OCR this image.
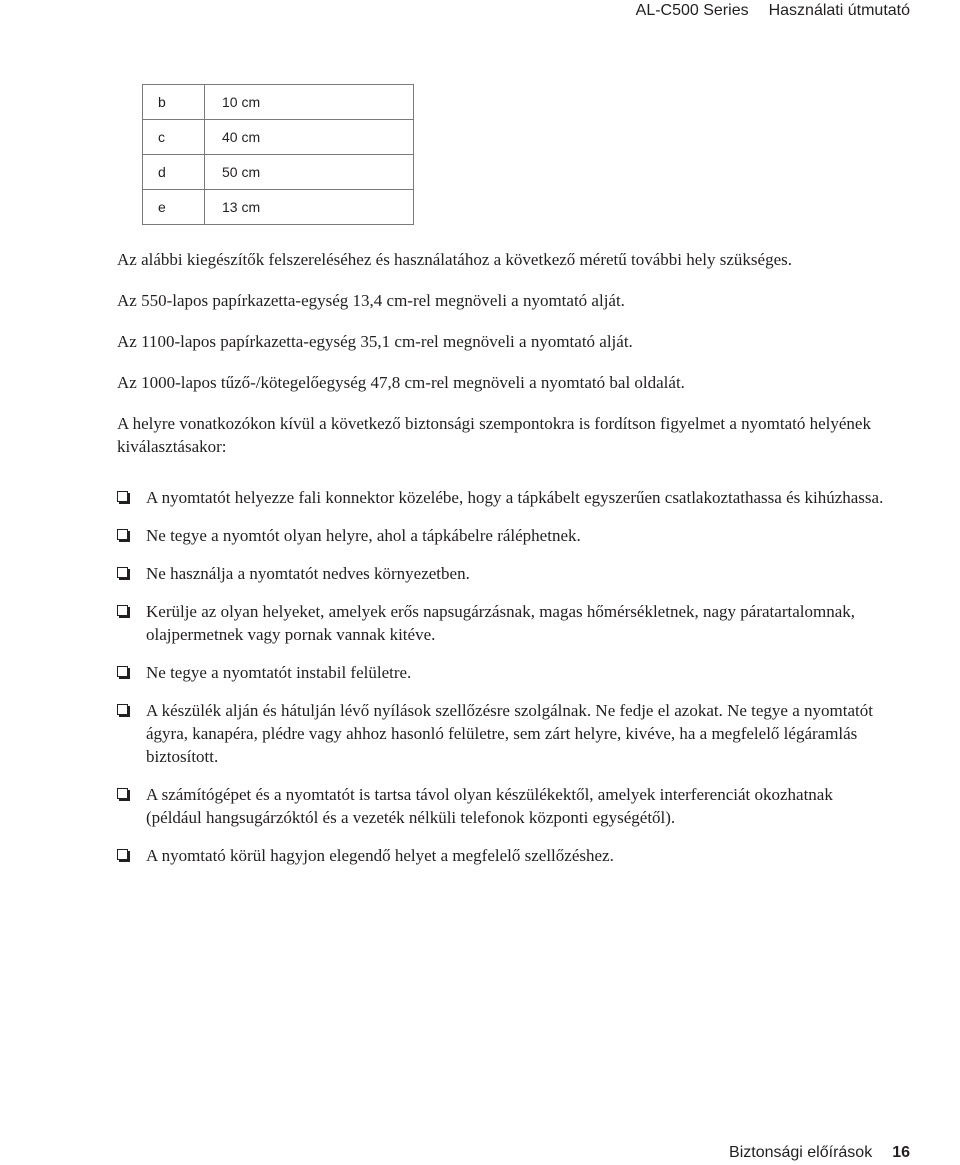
AL-C500 Series Használati útmutató
b	10 cm
c	40 cm
d	50 cm
e	13 cm

Az alábbi kiegészítők felszereléséhez és használatához a következő méretű további hely szükséges.

Az 550-lapos papírkazetta-egység 13,4 cm-rel megnöveli a nyomtató alját.

Az 1100-lapos papírkazetta-egység 35,1 cm-rel megnöveli a nyomtató alját.

Az 1000-lapos tűző-/kötegelőegység 47,8 cm-rel megnöveli a nyomtató bal oldalát.

A helyre vonatkozókon kívül a következő biztonsági szempontokra is fordítson figyelmet a nyomtató helyének kiválasztásakor:

A nyomtatót helyezze fali konnektor közelébe, hogy a tápkábelt egyszerűen csatlakoztathassa és kihúzhassa.
Ne tegye a nyomtót olyan helyre, ahol a tápkábelre ráléphetnek.
Ne használja a nyomtatót nedves környezetben.
Kerülje az olyan helyeket, amelyek erős napsugárzásnak, magas hőmérsékletnek, nagy páratartalomnak, olajpermetnek vagy pornak vannak kitéve.
Ne tegye a nyomtatót instabil felületre.
A készülék alján és hátulján lévő nyílások szellőzésre szolgálnak. Ne fedje el azokat. Ne tegye a nyomtatót ágyra, kanapéra, plédre vagy ahhoz hasonló felületre, sem zárt helyre, kivéve, ha a megfelelő légáramlás biztosított.
A számítógépet és a nyomtatót is tartsa távol olyan készülékektől, amelyek interferenciát okozhatnak (például hangsugárzóktól és a vezeték nélküli telefonok központi egységétől).
A nyomtató körül hagyjon elegendő helyet a megfelelő szellőzéshez.
Biztonsági előírások 16
